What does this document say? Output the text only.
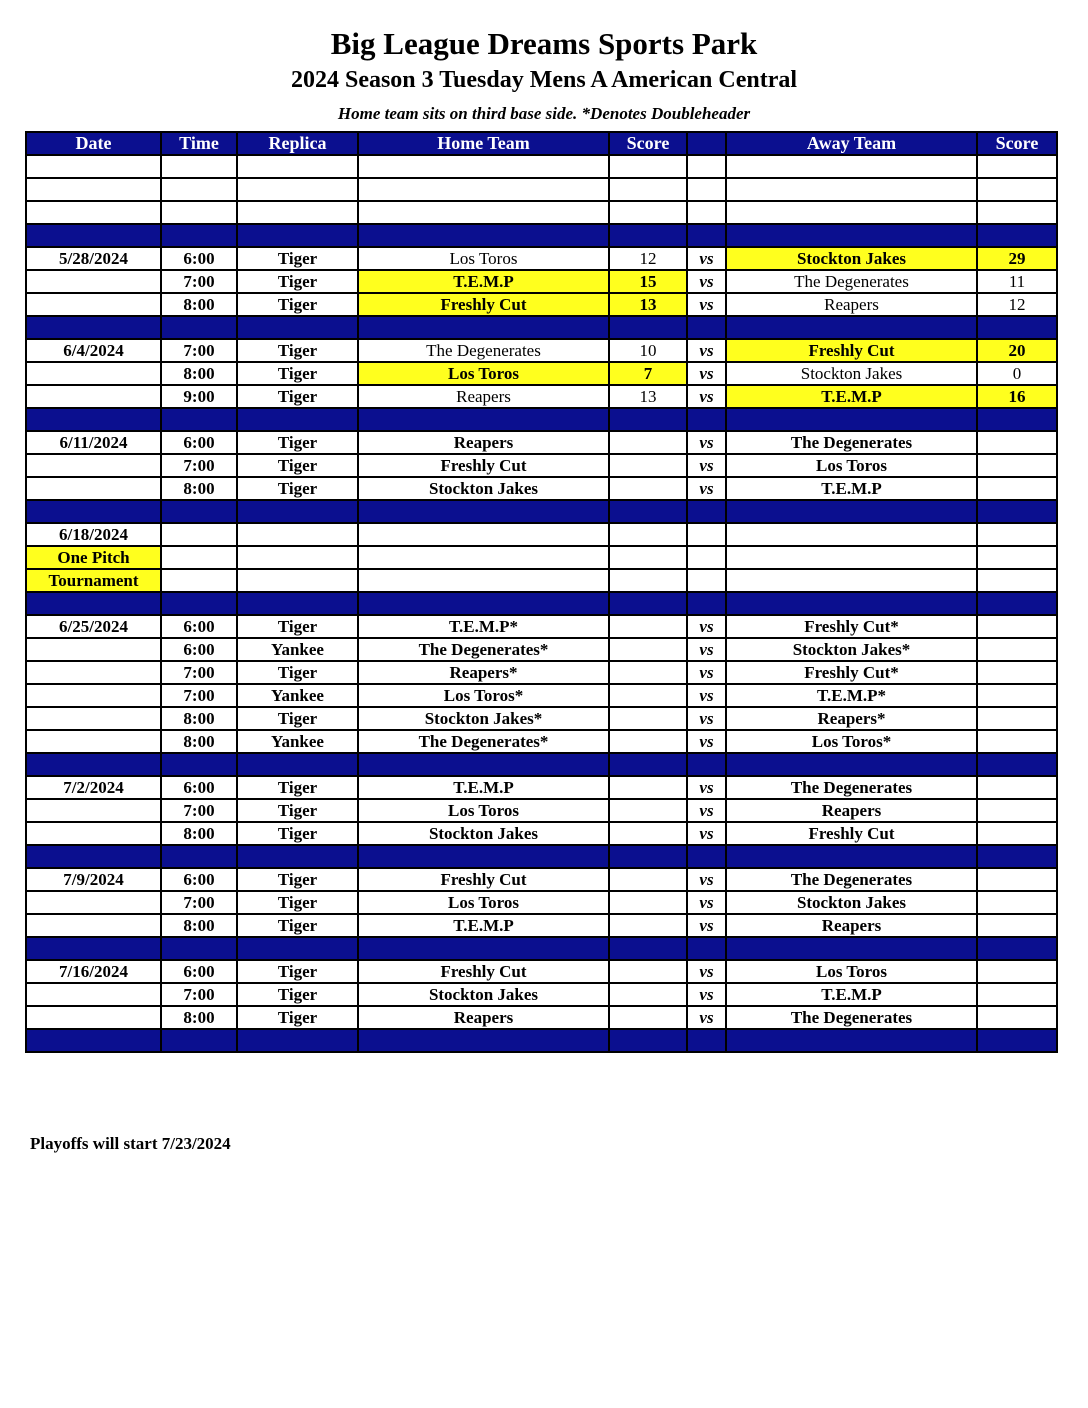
Big League Dreams Sports Park
2024 Season 3 Tuesday Mens A American Central
Home team sits on third base side. *Denotes Doubleheader
Date	Time	Replica	Home Team	Score		Away Team	Score

5/28/2024	6:00	Tiger	Los Toros	12	vs	Stockton Jakes	29
	7:00	Tiger	T.E.M.P	15	vs	The Degenerates	11
	8:00	Tiger	Freshly Cut	13	vs	Reapers	12

6/4/2024	7:00	Tiger	The Degenerates	10	vs	Freshly Cut	20
	8:00	Tiger	Los Toros	7	vs	Stockton Jakes	0
	9:00	Tiger	Reapers	13	vs	T.E.M.P	16

6/11/2024	6:00	Tiger	Reapers		vs	The Degenerates	
	7:00	Tiger	Freshly Cut		vs	Los Toros	
	8:00	Tiger	Stockton Jakes		vs	T.E.M.P	

6/18/2024							
One Pitch							
Tournament							

6/25/2024	6:00	Tiger	T.E.M.P*		vs	Freshly Cut*	
	6:00	Yankee	The Degenerates*		vs	Stockton Jakes*	
	7:00	Tiger	Reapers*		vs	Freshly Cut*	
	7:00	Yankee	Los Toros*		vs	T.E.M.P*	
	8:00	Tiger	Stockton Jakes*		vs	Reapers*	
	8:00	Yankee	The Degenerates*		vs	Los Toros*	

7/2/2024	6:00	Tiger	T.E.M.P		vs	The Degenerates	
	7:00	Tiger	Los Toros		vs	Reapers	
	8:00	Tiger	Stockton Jakes		vs	Freshly Cut	

7/9/2024	6:00	Tiger	Freshly Cut		vs	The Degenerates	
	7:00	Tiger	Los Toros		vs	Stockton Jakes	
	8:00	Tiger	T.E.M.P		vs	Reapers	

7/16/2024	6:00	Tiger	Freshly Cut		vs	Los Toros	
	7:00	Tiger	Stockton Jakes		vs	T.E.M.P	
	8:00	Tiger	Reapers		vs	The Degenerates	

Playoffs will start 7/23/2024
